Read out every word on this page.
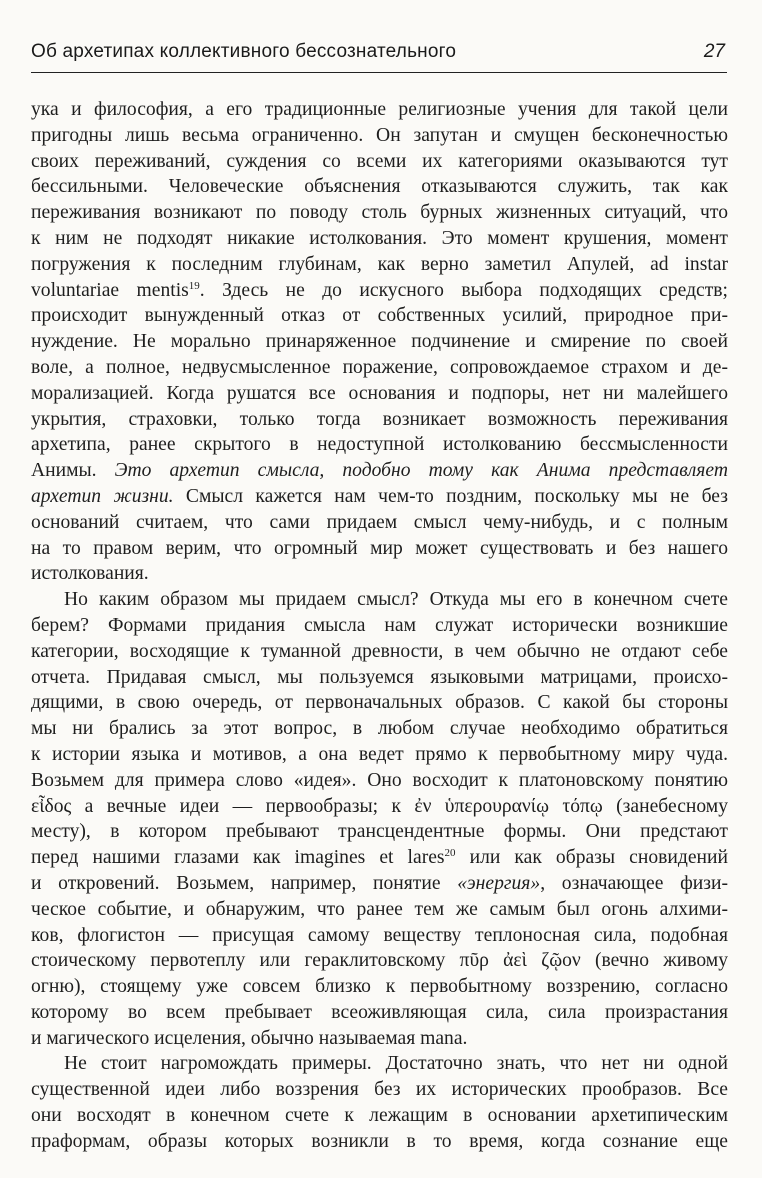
Об архетипах коллективного бессознательного	27
ука и философия, а его традиционные религиозные учения для такой цели
пригодны лишь весьма ограниченно. Он запутан и смущен бесконечностью
своих переживаний, суждения со всеми их категориями оказываются тут
бессильными. Человеческие объяснения отказываются служить, так как
переживания возникают по поводу столь бурных жизненных ситуаций, что
к ним не подходят никакие истолкования. Это момент крушения, момент
погружения к последним глубинам, как верно заметил Апулей, ad instar
voluntariae mentis$^{19}$. Здесь не до искусного выбора подходящих средств;
происходит вынужденный отказ от собственных усилий, природное при-
нуждение. Не морально принаряженное подчинение и смирение по своей
воле, а полное, недвусмысленное поражение, сопровождаемое страхом и де-
морализацией. Когда рушатся все основания и подпоры, нет ни малейшего
укрытия, страховки, только тогда возникает возможность переживания
архетипа, ранее скрытого в недоступной истолкованию бессмысленности
Анимы. Это архетип смысла, подобно тому как Анима представляет
архетип жизни. Смысл кажется нам чем-то поздним, поскольку мы не без
оснований считаем, что сами придаем смысл чему-нибудь, и с полным
на то правом верим, что огромный мир может существовать и без нашего
истолкования.
Но каким образом мы придаем смысл? Откуда мы его в конечном счете
берем? Формами придания смысла нам служат исторически возникшие
категории, восходящие к туманной древности, в чем обычно не отдают себе
отчета. Придавая смысл, мы пользуемся языковыми матрицами, происхо-
дящими, в свою очередь, от первоначальных образов. С какой бы стороны
мы ни брались за этот вопрос, в любом случае необходимо обратиться
к истории языка и мотивов, а она ведет прямо к первобытному миру чуда.
Возьмем для примера слово «идея». Оно восходит к платоновскому понятию
εἶδος а вечные идеи — первообразы; к ἐν ὑπερουρανίῳ τόπῳ (занебесному
месту), в котором пребывают трансцендентные формы. Они предстают
перед нашими глазами как imagines et lares$^{20}$ или как образы сновидений
и откровений. Возьмем, например, понятие «энергия», означающее физи-
ческое событие, и обнаружим, что ранее тем же самым был огонь алхими-
ков, флогистон — присущая самому веществу теплоносная сила, подобная
стоическому первотеплу или гераклитовскому πῦρ ἀεὶ ζῷον (вечно живому
огню), стоящему уже совсем близко к первобытному воззрению, согласно
которому во всем пребывает всеоживляющая сила, сила произрастания
и магического исцеления, обычно называемая mana.
Не стоит нагромождать примеры. Достаточно знать, что нет ни одной
существенной идеи либо воззрения без их исторических прообразов. Все
они восходят в конечном счете к лежащим в основании архетипическим
праформам, образы которых возникли в то время, когда сознание еще
